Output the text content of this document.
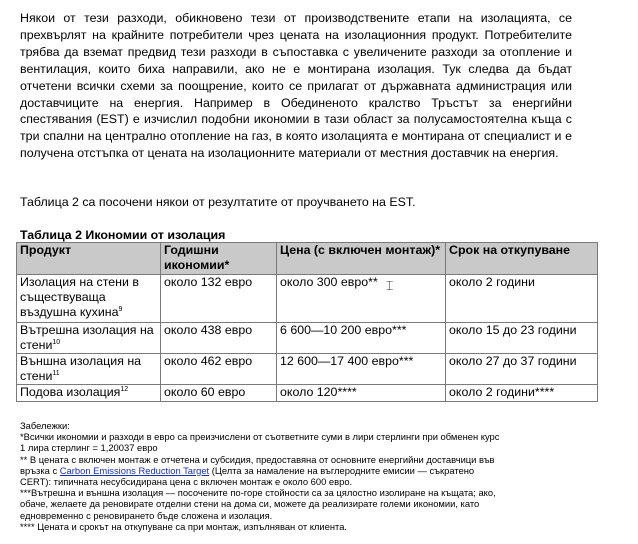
Някои от тези разходи, обикновено тези от производствените етапи на изолацията, се прехвърлят на крайните потребители чрез цената на изолационния продукт. Потребителите трябва да вземат предвид тези разходи в съпоставка с увеличените разходи за отопление и вентилация, които биха направили, ако не е монтирана изолация. Тук следва да бъдат отчетени всички схеми за поощрение, които се прилагат от държавната администрация или доставчиците на енергия. Например в Обединеното кралство Тръстът за енергийни спестявания (EST) е изчислил подобни икономии в тази област за полусамостоятелна къща с три спални на централно отопление на газ, в която изолацията е монтирана от специалист и е получена отстъпка от цената на изолационните материали от местния доставчик на енергия.

Таблица 2 са посочени някои от резултатите от проучването на EST.

Таблица 2 Икономии от изолация

Продукт	Годишни икономии*	Цена (с включен монтаж)*	Срок на откупуване
Изолация на стени в съществуваща въздушна кухина$^9$	около 132 евро	около 300 евро** ⌶	около 2 години
Вътрешна изолация на стени$^{10}$	около 438 евро	6 600—10 200 евро***	около 15 до 23 години
Външна изолация на стени$^{11}$	около 462 евро	12 600—17 400 евро***	около 27 до 37 години
Подова изолация$^{12}$	около 60 евро	около 120****	около 2 години****
Забележки:
*Всички икономии и разходи в евро са преизчислени от съответните суми в лири стерлинги при обменен курс
1 лира стерлинг = 1,20037 евро
** В цената с включен монтаж е отчетена и субсидия, предоставяна от основните енергийни доставчици във
връзка с Carbon Emissions Reduction Target (Целта за намаление на въглеродните емисии — съкратено
CERT): типичната несубсидирана цена с включен монтаж е около 600 евро.
***Вътрешна и външна изолация — посочените по-горе стойности са за цялостно изолиране на къщата; ако,
обаче, желаете да реновирате отделни стени на дома си, можете да реализирате големи икономии, като
едновременно с реновирането бъде сложена и изолация.
**** Цената и срокът на откупуване са при монтаж, изпълняван от клиента.
